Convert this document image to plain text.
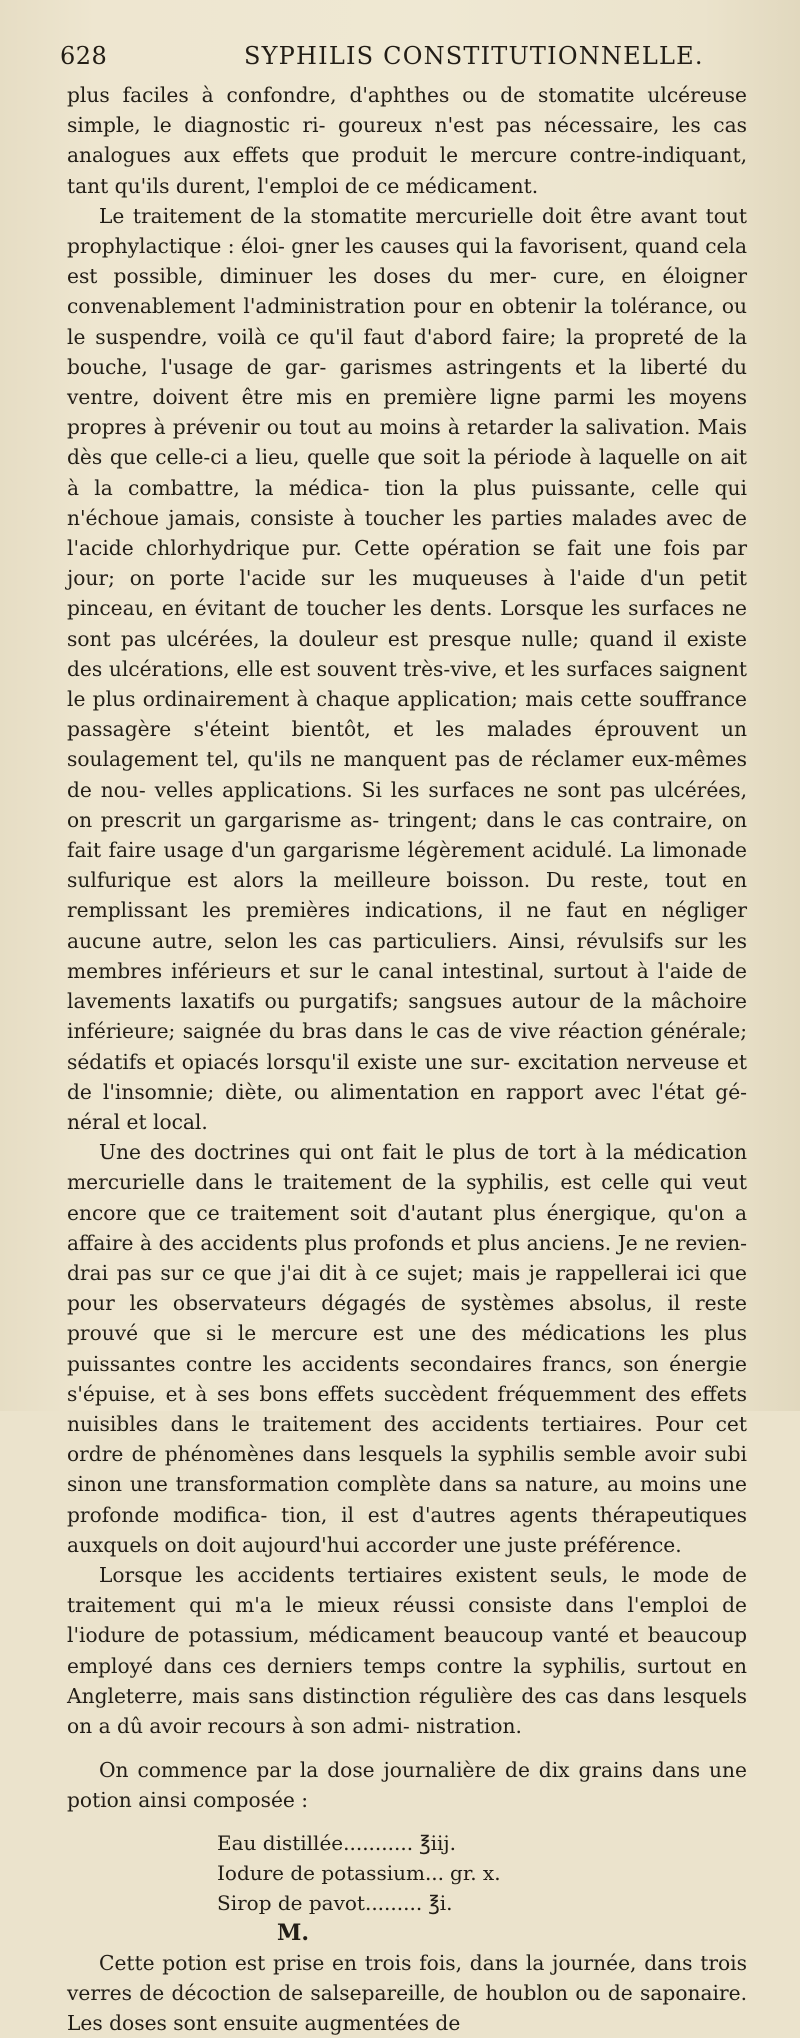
628	SYPHILIS CONSTITUTIONNELLE.

plus faciles à confondre, d'aphthes ou de stomatite ulcéreuse simple, le diagnostic ri- goureux n'est pas nécessaire, les cas analogues aux effets que produit le mercure contre-indiquant, tant qu'ils durent, l'emploi de ce médicament.

Le traitement de la stomatite mercurielle doit être avant tout prophylactique : éloi- gner les causes qui la favorisent, quand cela est possible, diminuer les doses du mer- cure, en éloigner convenablement l'administration pour en obtenir la tolérance, ou le suspendre, voilà ce qu'il faut d'abord faire; la propreté de la bouche, l'usage de gar- garismes astringents et la liberté du ventre, doivent être mis en première ligne parmi les moyens propres à prévenir ou tout au moins à retarder la salivation. Mais dès que celle-ci a lieu, quelle que soit la période à laquelle on ait à la combattre, la médica- tion la plus puissante, celle qui n'échoue jamais, consiste à toucher les parties malades avec de l'acide chlorhydrique pur. Cette opération se fait une fois par jour; on porte l'acide sur les muqueuses à l'aide d'un petit pinceau, en évitant de toucher les dents. Lorsque les surfaces ne sont pas ulcérées, la douleur est presque nulle; quand il existe des ulcérations, elle est souvent très-vive, et les surfaces saignent le plus ordinairement à chaque application; mais cette souffrance passagère s'éteint bientôt, et les malades éprouvent un soulagement tel, qu'ils ne manquent pas de réclamer eux-mêmes de nou- velles applications. Si les surfaces ne sont pas ulcérées, on prescrit un gargarisme as- tringent; dans le cas contraire, on fait faire usage d'un gargarisme légèrement acidulé. La limonade sulfurique est alors la meilleure boisson. Du reste, tout en remplissant les premières indications, il ne faut en négliger aucune autre, selon les cas particuliers. Ainsi, révulsifs sur les membres inférieurs et sur le canal intestinal, surtout à l'aide de lavements laxatifs ou purgatifs; sangsues autour de la mâchoire inférieure; saignée du bras dans le cas de vive réaction générale; sédatifs et opiacés lorsqu'il existe une sur- excitation nerveuse et de l'insomnie; diète, ou alimentation en rapport avec l'état gé- néral et local.

Une des doctrines qui ont fait le plus de tort à la médication mercurielle dans le traitement de la syphilis, est celle qui veut encore que ce traitement soit d'autant plus énergique, qu'on a affaire à des accidents plus profonds et plus anciens. Je ne revien- drai pas sur ce que j'ai dit à ce sujet; mais je rappellerai ici que pour les observateurs dégagés de systèmes absolus, il reste prouvé que si le mercure est une des médications les plus puissantes contre les accidents secondaires francs, son énergie s'épuise, et à ses bons effets succèdent fréquemment des effets nuisibles dans le traitement des accidents tertiaires. Pour cet ordre de phénomènes dans lesquels la syphilis semble avoir subi sinon une transformation complète dans sa nature, au moins une profonde modifica- tion, il est d'autres agents thérapeutiques auxquels on doit aujourd'hui accorder une juste préférence.

Lorsque les accidents tertiaires existent seuls, le mode de traitement qui m'a le mieux réussi consiste dans l'emploi de l'iodure de potassium, médicament beaucoup vanté et beaucoup employé dans ces derniers temps contre la syphilis, surtout en Angleterre, mais sans distinction régulière des cas dans lesquels on a dû avoir recours à son admi- nistration.

On commence par la dose journalière de dix grains dans une potion ainsi composée :

Eau distillée........... ℥iij.
Iodure de potassium... gr. x.
Sirop de pavot......... ℥i.
M.

Cette potion est prise en trois fois, dans la journée, dans trois verres de décoction de salsepareille, de houblon ou de saponaire. Les doses sont ensuite augmentées de
